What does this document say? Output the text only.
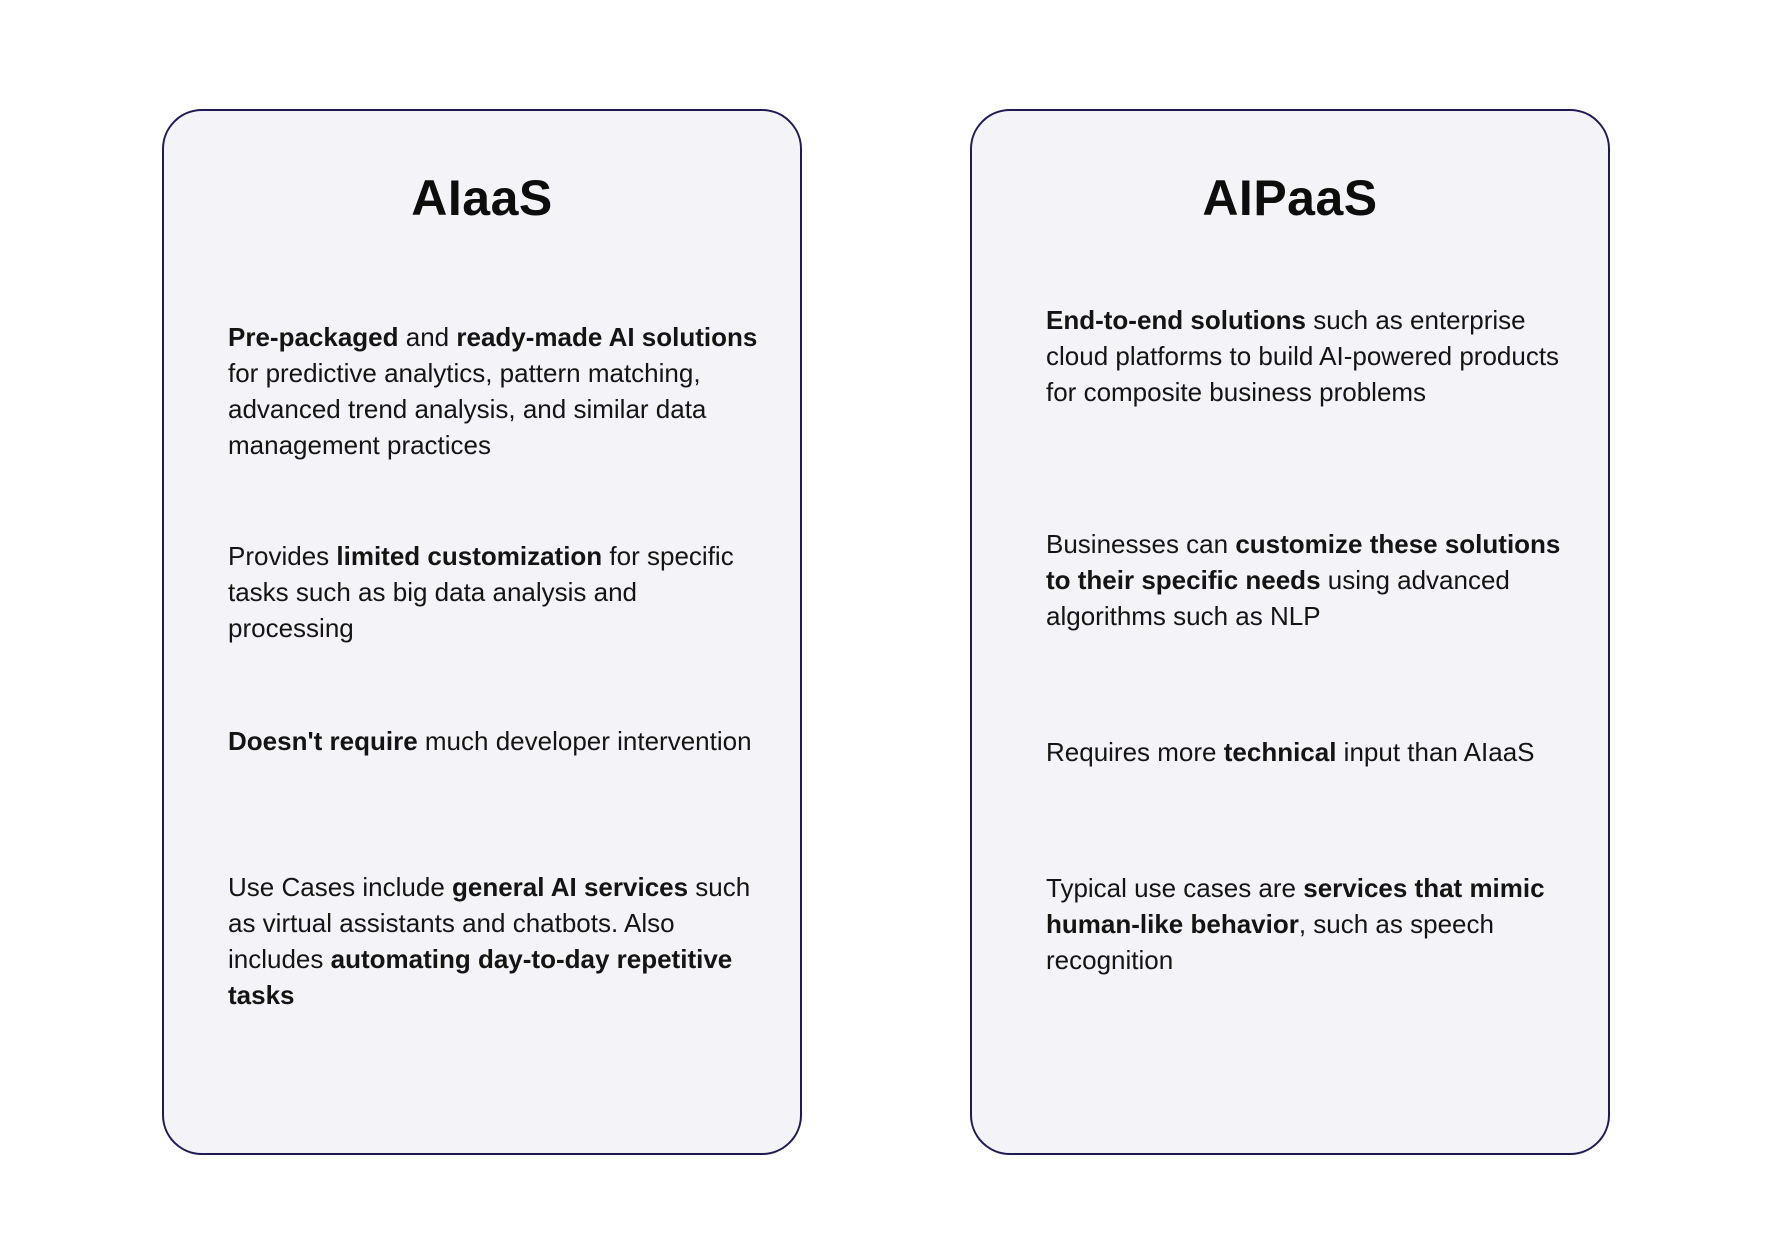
AIaaS

Pre-packaged and ready-made AI solutions for predictive analytics, pattern matching, advanced trend analysis, and similar data management practices

Provides limited customization for specific tasks such as big data analysis and processing

Doesn't require much developer intervention

Use Cases include general AI services such as virtual assistants and chatbots. Also includes automating day-to-day repetitive tasks

AIPaaS

End-to-end solutions such as enterprise cloud platforms to build AI-powered products for composite business problems

Businesses can customize these solutions to their specific needs using advanced algorithms such as NLP

Requires more technical input than AIaaS

Typical use cases are services that mimic human-like behavior, such as speech recognition
